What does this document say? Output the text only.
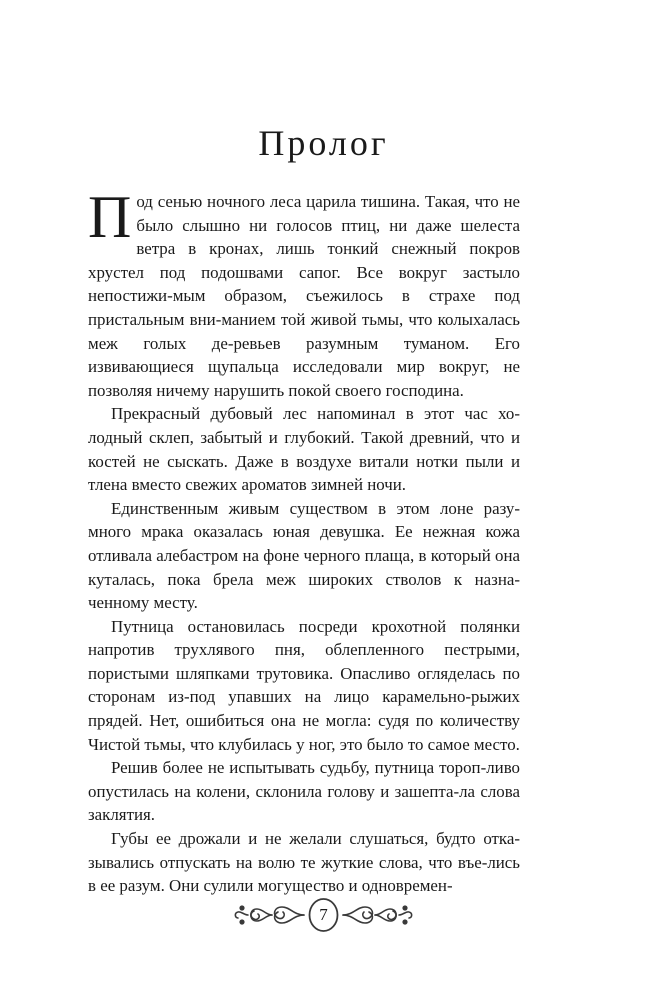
Пролог

Под сенью ночного леса царила тишина. Такая, что не было слышно ни голосов птиц, ни даже шелеста ветра в кронах, лишь тонкий снежный покров хрустел под подошвами сапог. Все вокруг застыло непостижи-мым образом, съежилось в страхе под пристальным вни-манием той живой тьмы, что колыхалась меж голых де-ревьев разумным туманом. Его извивающиеся щупальца исследовали мир вокруг, не позволяя ничему нарушить покой своего господина.

Прекрасный дубовый лес напоминал в этот час хо-лодный склеп, забытый и глубокий. Такой древний, что и костей не сыскать. Даже в воздухе витали нотки пыли и тлена вместо свежих ароматов зимней ночи.

Единственным живым существом в этом лоне разу-много мрака оказалась юная девушка. Ее нежная кожа отливала алебастром на фоне черного плаща, в который она куталась, пока брела меж широких стволов к назна-ченному месту.

Путница остановилась посреди крохотной полянки напротив трухлявого пня, облепленного пестрыми, пористыми шляпками трутовика. Опасливо огляделась по сторонам из-под упавших на лицо карамельно-рыжих прядей. Нет, ошибиться она не могла: судя по количеству Чистой тьмы, что клубилась у ног, это было то самое место.

Решив более не испытывать судьбу, путница тороп-ливо опустилась на колени, склонила голову и зашепта-ла слова заклятия.

Губы ее дрожали и не желали слушаться, будто отка-зывались отпускать на волю те жуткие слова, что въе-лись в ее разум. Они сулили могущество и одновремен-

7
